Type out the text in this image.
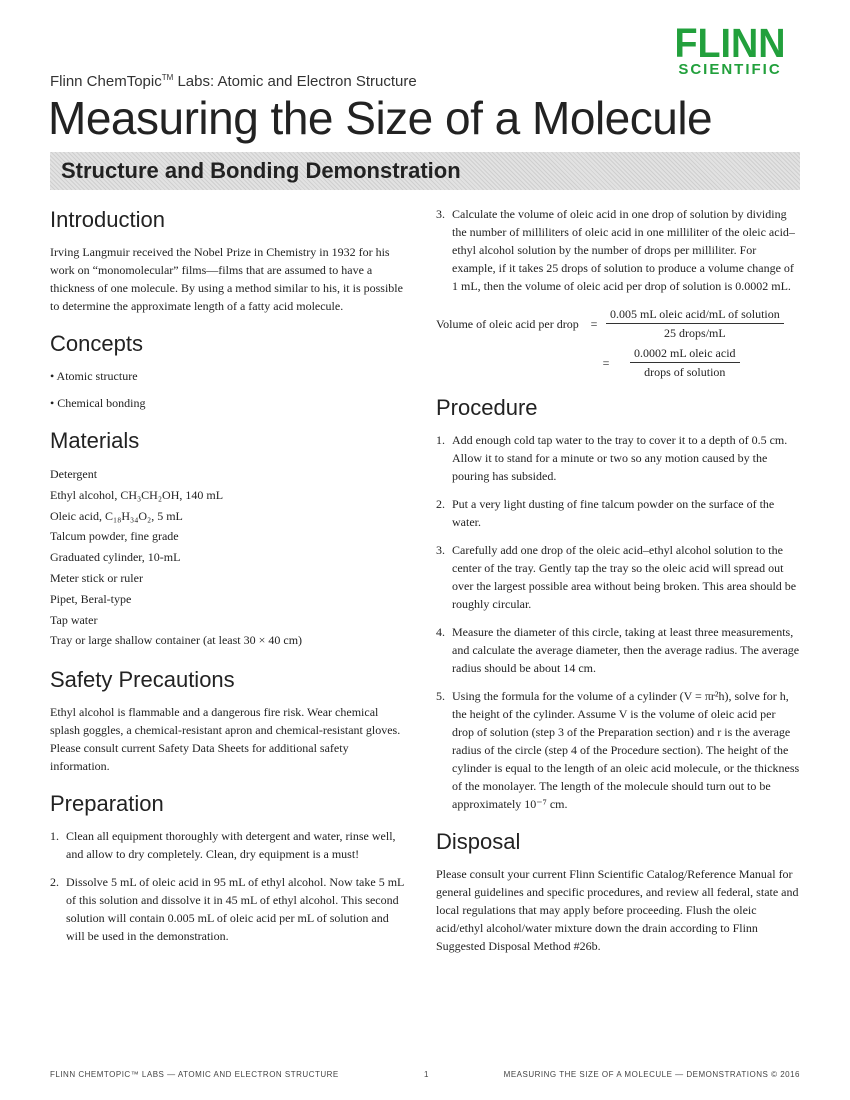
FLINN
SCIENTIFIC
Flinn ChemTopic™ Labs: Atomic and Electron Structure
Measuring the Size of a Molecule
Structure and Bonding Demonstration
Introduction

Irving Langmuir received the Nobel Prize in Chemistry in 1932 for his work on “monomolecular” films—films that are assumed to have a thickness of one molecule. By using a method similar to his, it is possible to determine the approximate length of a fatty acid molecule.

Concepts
• Atomic structure
• Chemical bonding
Materials
Detergent
Ethyl alcohol, CH₃CH₂OH, 140 mL
Oleic acid, C₁₈H₃₄O₂, 5 mL
Talcum powder, fine grade
Graduated cylinder, 10-mL
Meter stick or ruler
Pipet, Beral-type
Tap water
Tray or large shallow container (at least 30 × 40 cm)
Safety Precautions

Ethyl alcohol is flammable and a dangerous fire risk. Wear chemical splash goggles, a chemical-resistant apron and chemical-resistant gloves. Please consult current Safety Data Sheets for additional safety information.

Preparation
1. Clean all equipment thoroughly with detergent and water, rinse well, and allow to dry completely. Clean, dry equipment is a must!
2. Dissolve 5 mL of oleic acid in 95 mL of ethyl alcohol. Now take 5 mL of this solution and dissolve it in 45 mL of ethyl alcohol. This second solution will contain 0.005 mL of oleic acid per mL of solution and will be used in the demonstration.
3. Calculate the volume of oleic acid in one drop of solution by dividing the number of milliliters of oleic acid in one milliliter of the oleic acid–ethyl alcohol solution by the number of drops per milliliter. For example, if it takes 25 drops of solution to produce a volume change of 1 mL, then the volume of oleic acid per drop of solution is 0.0002 mL.
Volume of oleic acid per drop = $\frac{\text{0.005 mL oleic acid/mL of solution}}{\text{25 drops/mL}}$
=	$\frac{\text{0.0002 mL oleic acid}}{\text{drops of solution}}$
Procedure
1. Add enough cold tap water to the tray to cover it to a depth of 0.5 cm. Allow it to stand for a minute or two so any motion caused by the pouring has subsided.
2. Put a very light dusting of fine talcum powder on the surface of the water.
3. Carefully add one drop of the oleic acid–ethyl alcohol solution to the center of the tray. Gently tap the tray so the oleic acid will spread out over the largest possible area without being broken. This area should be roughly circular.
4. Measure the diameter of this circle, taking at least three measurements, and calculate the average diameter, then the average radius. The average radius should be about 14 cm.
5. Using the formula for the volume of a cylinder (V = πr²h), solve for h, the height of the cylinder. Assume V is the volume of oleic acid per drop of solution (step 3 of the Preparation section) and r is the average radius of the circle (step 4 of the Procedure section). The height of the cylinder is equal to the length of an oleic acid molecule, or the thickness of the monolayer. The length of the molecule should turn out to be approximately 10⁻⁷ cm.
Disposal

Please consult your current Flinn Scientific Catalog/Reference Manual for general guidelines and specific procedures, and review all federal, state and local regulations that may apply before proceeding. Flush the oleic acid/ethyl alcohol/water mixture down the drain according to Flinn Suggested Disposal Method #26b.

FLINN CHEMTOPIC™ LABS — ATOMIC AND ELECTRON STRUCTURE	1	MEASURING THE SIZE OF A MOLECULE — DEMONSTRATIONS © 2016
